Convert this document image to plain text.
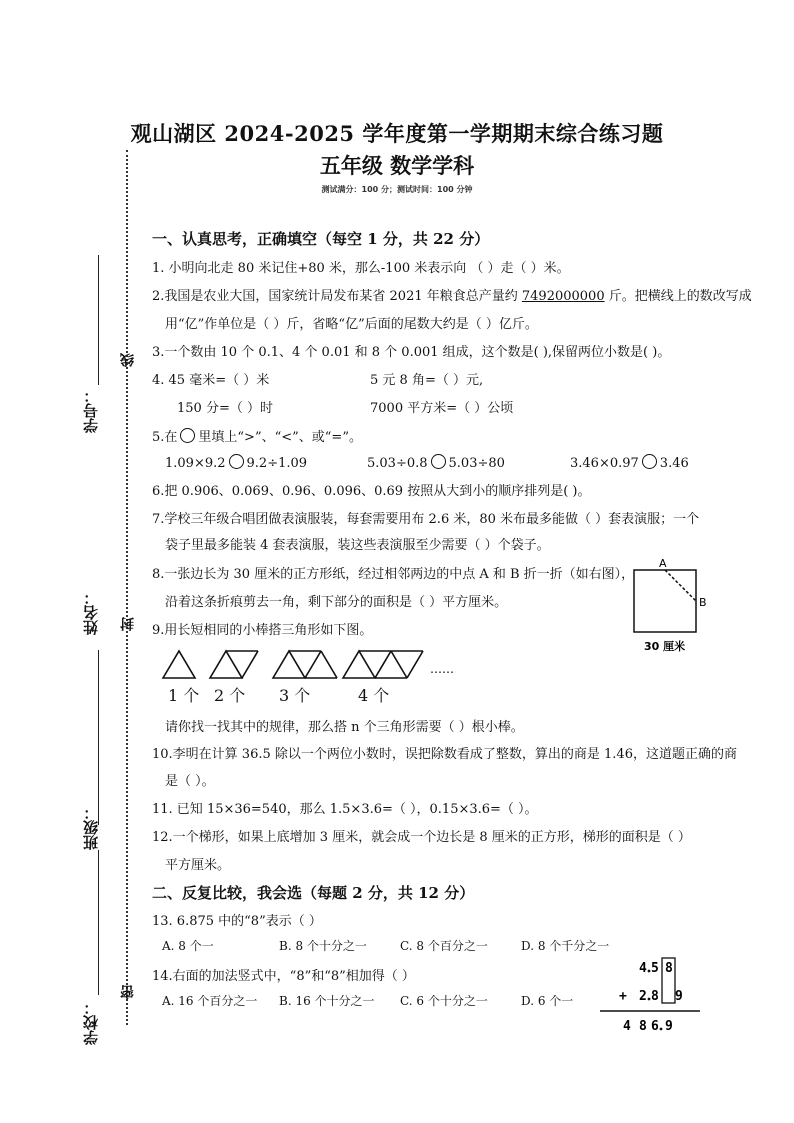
学号：
姓名：
班级：
学校：
线
封
密
观山湖区 2024-2025 学年度第一学期期末综合练习题
五年级 数学学科
测试满分：100 分；测试时间：100 分钟
一、认真思考，正确填空（每空 1 分，共 22 分）
1. 小明向北走 80 米记住+80 米，那么-100 米表示向 （ ）走（ ）米。
2.我国是农业大国，国家统计局发布某省 2021 年粮食总产量约 7492000000 斤。把横线上的数改写成
用“亿”作单位是（ ）斤，省略“亿”后面的尾数大约是（ ）亿斤。
3.一个数由 10 个 0.1、4 个 0.01 和 8 个 0.001 组成，这个数是( ),保留两位小数是( )。
4. 45 毫米=（ ）米	5 元 8 角=（ ）元,
150 分=（ ）时	7000 平方米=（ ）公顷
5.在 里填上“>”、“<”、或“=”。
1.09×9.2 9.2÷1.09	5.03÷0.8 5.03÷80	3.46×0.97 3.46
6.把 0.906、0.069、0.96、0.096、0.69 按照从大到小的顺序排列是( )。
7.学校三年级合唱团做表演服装，每套需要用布 2.6 米，80 米布最多能做（ ）套表演服；一个
袋子里最多能装 4 套表演服，装这些表演服至少需要（ ）个袋子。
8.一张边长为 30 厘米的正方形纸，经过相邻两边的中点 A 和 B 折一折（如右图），
沿着这条折痕剪去一角，剩下部分的面积是（ ）平方厘米。
A
B
30 厘米
9.用长短相同的小棒搭三角形如下图。
……
1 个 2 个 3 个	4 个
请你找一找其中的规律，那么搭 n 个三角形需要（ ）根小棒。
10.李明在计算 36.5 除以一个两位小数时，误把除数看成了整数，算出的商是 1.46，这道题正确的商
是（ ）。
11. 已知 15×36=540，那么 1.5×3.6=（ ），0.15×3.6=（ ）。
12.一个梯形，如果上底增加 3 厘米，就会成一个边长是 8 厘米的正方形，梯形的面积是（ ）
平方厘米。
二、反复比较，我会选（每题 2 分，共 12 分）
13. 6.875 中的“8”表示（ ）
A. 8 个一	B. 8 个十分之一	C. 8 个百分之一	D. 8 个千分之一
14.右面的加法竖式中，“8”和“8”相加得（ ）
A. 16 个百分之一 B. 16 个十分之一 C. 6 个十分之一	D. 6 个一
4 5 8
+ 2 8 9
4 8 6 9
